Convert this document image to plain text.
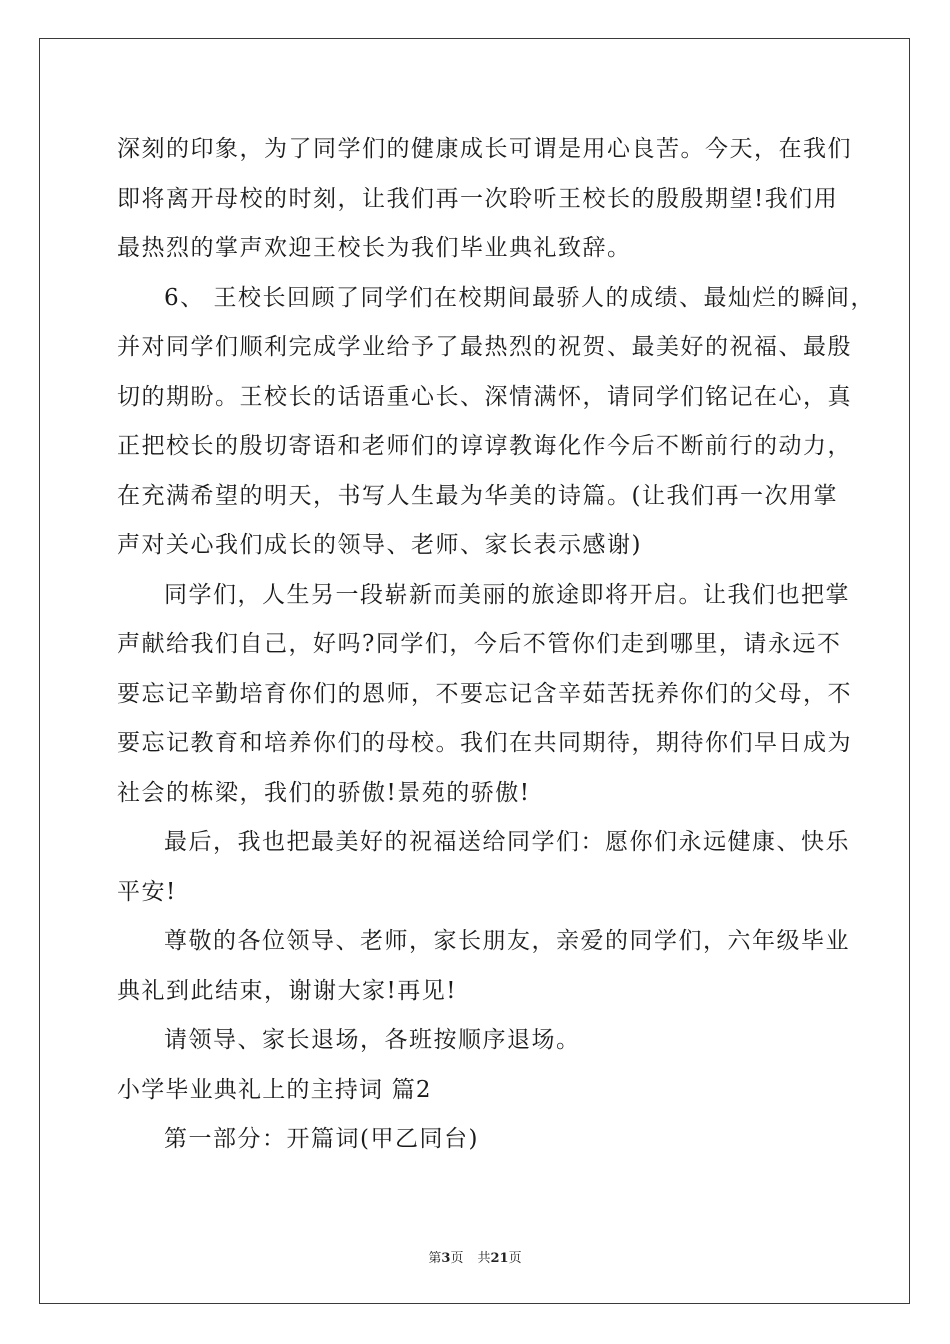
深刻的印象，为了同学们的健康成长可谓是用心良苦。今天，在我们
即将离开母校的时刻，让我们再一次聆听王校长的殷殷期望!我们用
最热烈的掌声欢迎王校长为我们毕业典礼致辞。
6、 王校长回顾了同学们在校期间最骄人的成绩、最灿烂的瞬间，
并对同学们顺利完成学业给予了最热烈的祝贺、最美好的祝福、最殷
切的期盼。王校长的话语重心长、深情满怀，请同学们铭记在心，真
正把校长的殷切寄语和老师们的谆谆教诲化作今后不断前行的动力，
在充满希望的明天，书写人生最为华美的诗篇。(让我们再一次用掌
声对关心我们成长的领导、老师、家长表示感谢)
同学们，人生另一段崭新而美丽的旅途即将开启。让我们也把掌
声献给我们自己，好吗?同学们，今后不管你们走到哪里，请永远不
要忘记辛勤培育你们的恩师，不要忘记含辛茹苦抚养你们的父母，不
要忘记教育和培养你们的母校。我们在共同期待，期待你们早日成为
社会的栋梁，我们的骄傲!景苑的骄傲!
最后，我也把最美好的祝福送给同学们：愿你们永远健康、快乐
平安!
尊敬的各位领导、老师，家长朋友，亲爱的同学们，六年级毕业
典礼到此结束，谢谢大家!再见!
请领导、家长退场，各班按顺序退场。
小学毕业典礼上的主持词 篇2
第一部分：开篇词(甲乙同台)
第3页 共21页
